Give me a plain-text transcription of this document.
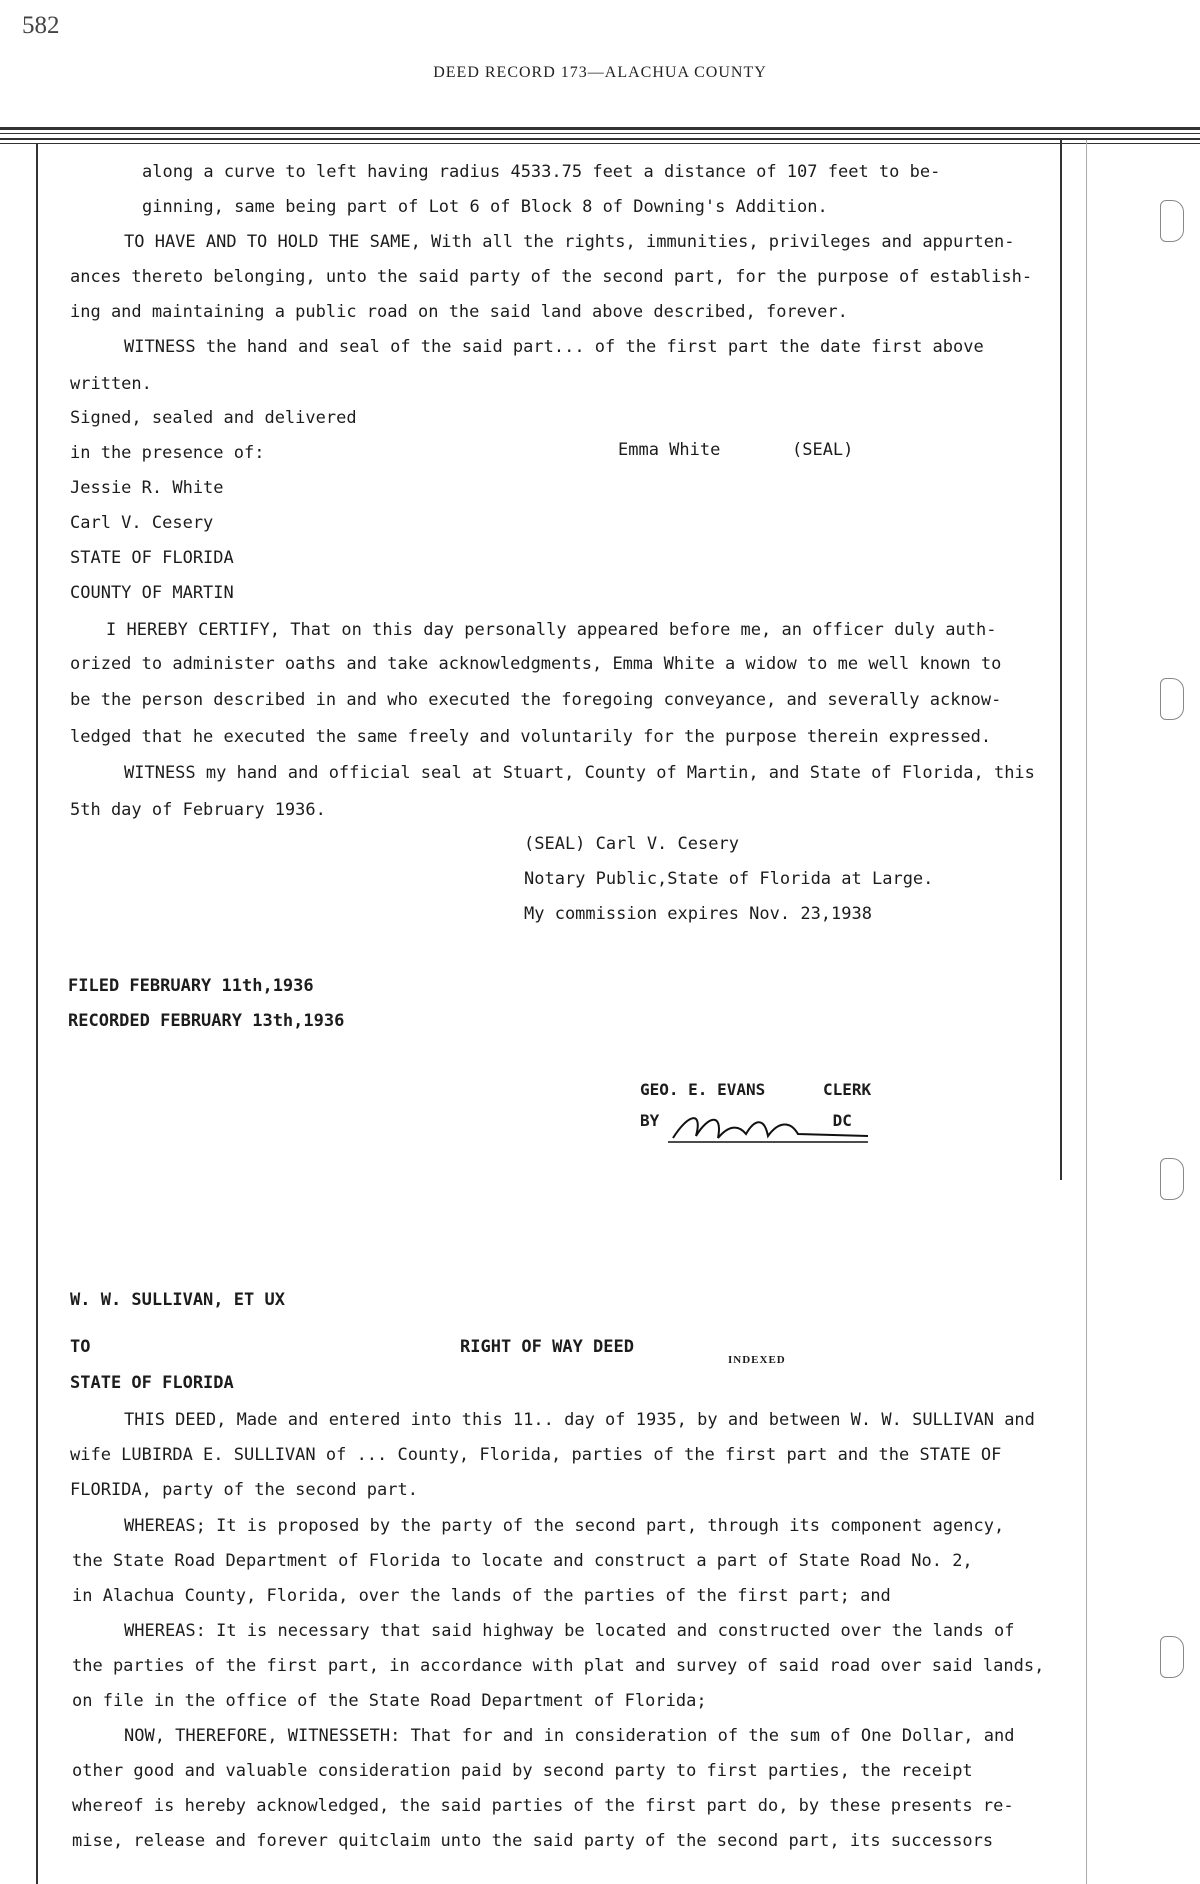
582
DEED RECORD 173—ALACHUA COUNTY
along a curve to left having radius 4533.75 feet a distance of 107 feet to be-
ginning, same being part of Lot 6 of Block 8 of Downing's Addition.
TO HAVE AND TO HOLD THE SAME, With all the rights, immunities, privileges and appurten-
ances thereto belonging, unto the said party of the second part, for the purpose of establish-
ing and maintaining a public road on the said land above described, forever.
WITNESS the hand and seal of the said part... of the first part the date first above
written.
Signed, sealed and delivered
in the presence of:	Emma White       (SEAL)
Jessie R. White
Carl V. Cesery
STATE OF FLORIDA
COUNTY OF MARTIN
I HEREBY CERTIFY, That on this day personally appeared before me, an officer duly auth-
orized to administer oaths and take acknowledgments, Emma White a widow to me well known to
be the person described in and who executed the foregoing conveyance, and severally acknow-
ledged that he executed the same freely and voluntarily for the purpose therein expressed.
WITNESS my hand and official seal at Stuart, County of Martin, and State of Florida, this
5th day of February 1936.
(SEAL) Carl V. Cesery
Notary Public,State of Florida at Large.
My commission expires Nov. 23,1938
FILED FEBRUARY 11th,1936
RECORDED FEBRUARY 13th,1936
GEO. E. EVANS      CLERK
BY                  DC
W. W. SULLIVAN, ET UX
TO	RIGHT OF WAY DEED
INDEXED
STATE OF FLORIDA
THIS DEED, Made and entered into this 11.. day of 1935, by and between W. W. SULLIVAN and
wife LUBIRDA E. SULLIVAN of ... County, Florida, parties of the first part and the STATE OF
FLORIDA, party of the second part.
WHEREAS; It is proposed by the party of the second part, through its component agency,
the State Road Department of Florida to locate and construct a part of State Road No. 2,
in Alachua County, Florida, over the lands of the parties of the first part; and
WHEREAS: It is necessary that said highway be located and constructed over the lands of
the parties of the first part, in accordance with plat and survey of said road over said lands,
on file in the office of the State Road Department of Florida;
NOW, THEREFORE, WITNESSETH: That for and in consideration of the sum of One Dollar, and
other good and valuable consideration paid by second party to first parties, the receipt
whereof is hereby acknowledged, the said parties of the first part do, by these presents re-
mise, release and forever quitclaim unto the said party of the second part, its successors
